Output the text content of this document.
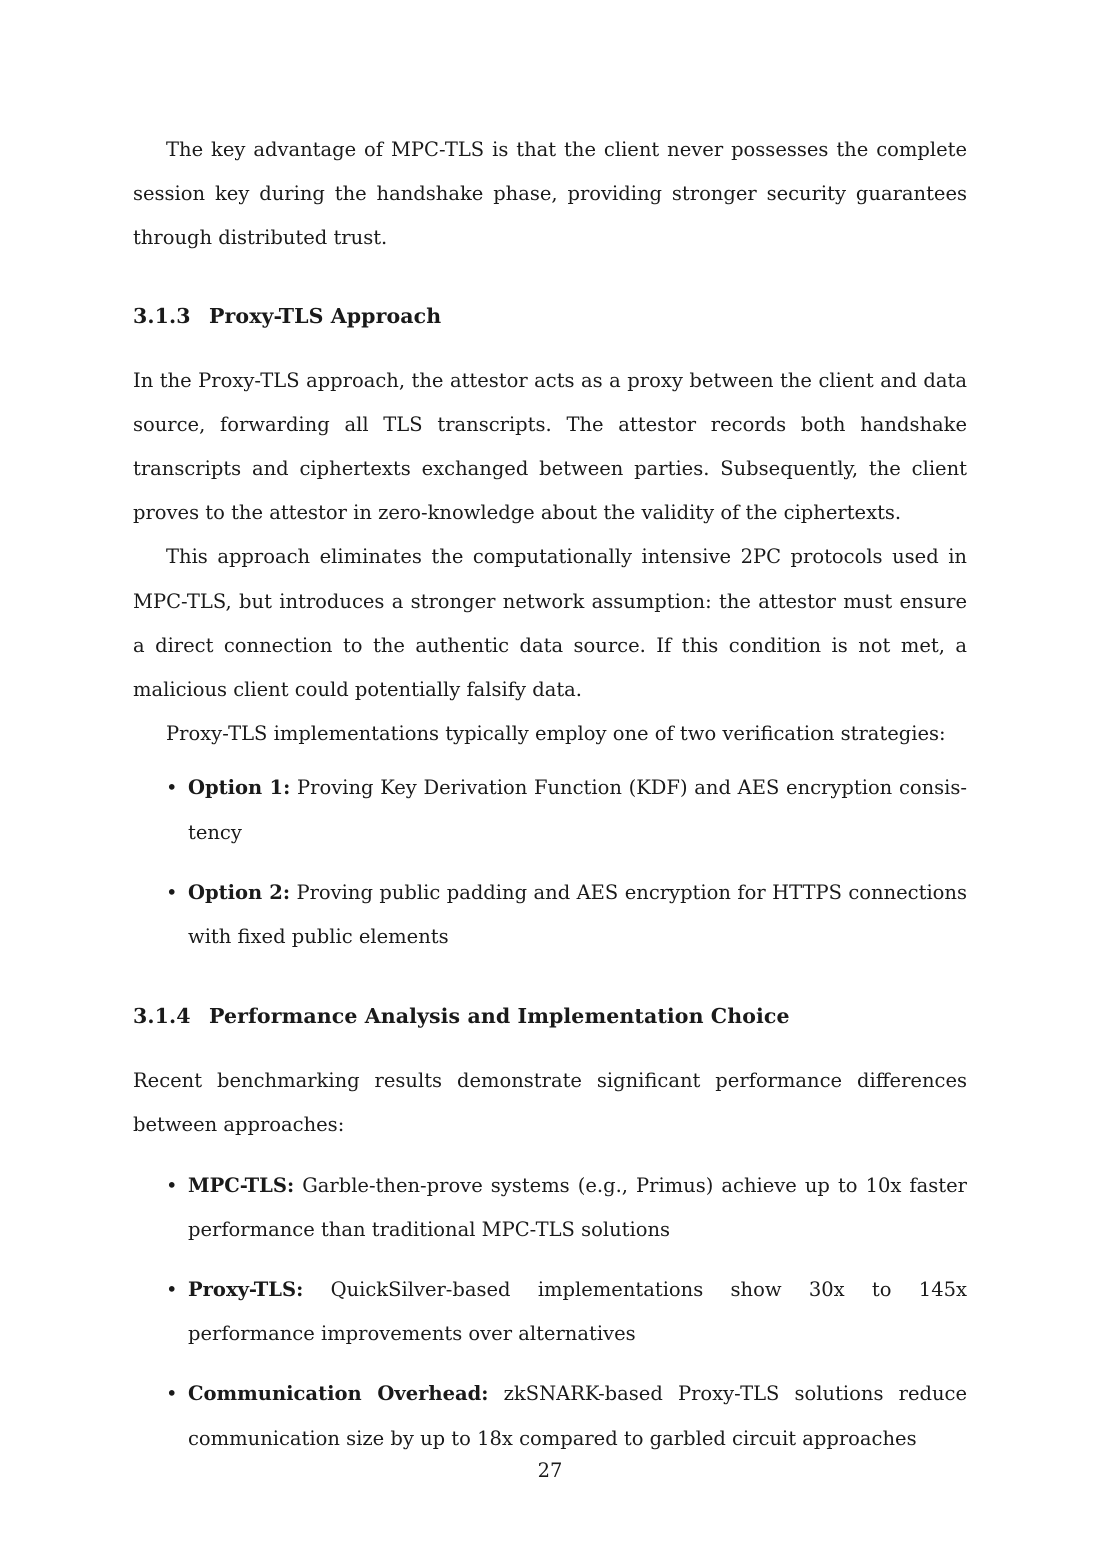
The key advantage of MPC-TLS is that the client never possesses the complete session key during the handshake phase, providing stronger security guarantees through distributed trust.

3.1.3 Proxy-TLS Approach

In the Proxy-TLS approach, the attestor acts as a proxy between the client and data source, forwarding all TLS transcripts. The attestor records both handshake transcripts and ciphertexts exchanged between parties. Subsequently, the client proves to the attestor in zero-knowledge about the validity of the ciphertexts.

This approach eliminates the computationally intensive 2PC protocols used in MPC-TLS, but introduces a stronger network assumption: the attestor must ensure a direct connection to the authentic data source. If this condition is not met, a malicious client could potentially falsify data.

Proxy-TLS implementations typically employ one of two verification strategies:

• Option 1: Proving Key Derivation Function (KDF) and AES encryption consistency

• Option 2: Proving public padding and AES encryption for HTTPS connections with fixed public elements

3.1.4 Performance Analysis and Implementation Choice

Recent benchmarking results demonstrate significant performance differences between approaches:

• MPC-TLS: Garble-then-prove systems (e.g., Primus) achieve up to 10x faster performance than traditional MPC-TLS solutions

• Proxy-TLS: QuickSilver-based implementations show 30x to 145x performance improvements over alternatives

• Communication Overhead: zkSNARK-based Proxy-TLS solutions reduce communication size by up to 18x compared to garbled circuit approaches

27
